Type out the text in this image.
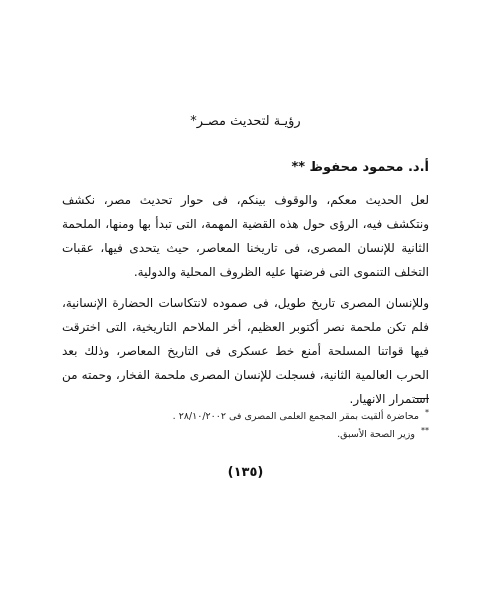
رؤيـة لتحديث مصـر*
أ.د. محمود محفوظ **

لعل الحديث معكم، والوقوف بينكم، فى حوار تحديث مصر، نكشف ونتكشف فيه، الرؤى حول هذه القضية المهمة، التى تبدأ بها ومنها، الملحمة الثانية للإنسان المصرى، فى تاريخنا المعاصر، حيث يتحدى فيها، عقبات التخلف التنموى التى فرضتها عليه الظروف المحلية والدولية.

وللإنسان المصرى تاريخ طويل، فى صموده لانتكاسات الحضارة الإنسانية، فلم تكن ملحمة نصر أكتوبر العظيم، أخر الملاحم التاريخية، التى اخترقت فيها قواتنا المسلحة أمنع خط عسكرى فى التاريخ المعاصر، وذلك بعد الحرب العالمية الثانية، فسجلت للإنسان المصرى ملحمة الفخار، وحمته من استمرار الانهيار.

*محاضرة ألقيت بمقر المجمع العلمى المصرى فى ٢٨/١٠/٢٠٠٢ .
**وزير الصحة الأسبق.
(١٣٥)
